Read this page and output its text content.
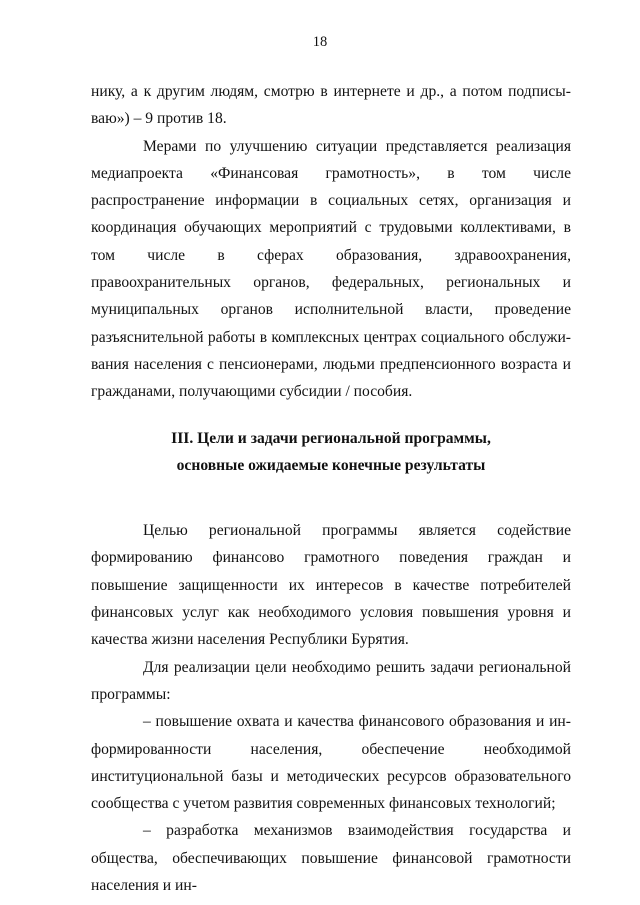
18

нику, а к другим людям, смотрю в интернете и др., а потом подписываю») – 9 против 18.

Мерами по улучшению ситуации представляется реализация медиапроекта «Финансовая грамотность», в том числе распространение информации в социальных сетях, организация и координация обучающих мероприятий с трудовыми коллективами, в том числе в сферах образования, здравоохранения, правоохранительных органов, федеральных, региональных и муниципальных органов исполнительной власти, проведение разъяснительной работы в комплексных центрах социального обслуживания населения с пенсионерами, людьми предпенсионного возраста и гражданами, получающими субсидии / пособия.

III. Цели и задачи региональной программы,
основные ожидаемые конечные результаты

Целью региональной программы является содействие формированию финансово грамотного поведения граждан и повышение защищенности их интересов в качестве потребителей финансовых услуг как необходимого условия повышения уровня и качества жизни населения Республики Бурятия.

Для реализации цели необходимо решить задачи региональной программы:

– повышение охвата и качества финансового образования и информированности населения, обеспечение необходимой институциональной базы и методических ресурсов образовательного сообщества с учетом развития современных финансовых технологий;

– разработка механизмов взаимодействия государства и общества, обеспечивающих повышение финансовой грамотности населения и ин-
